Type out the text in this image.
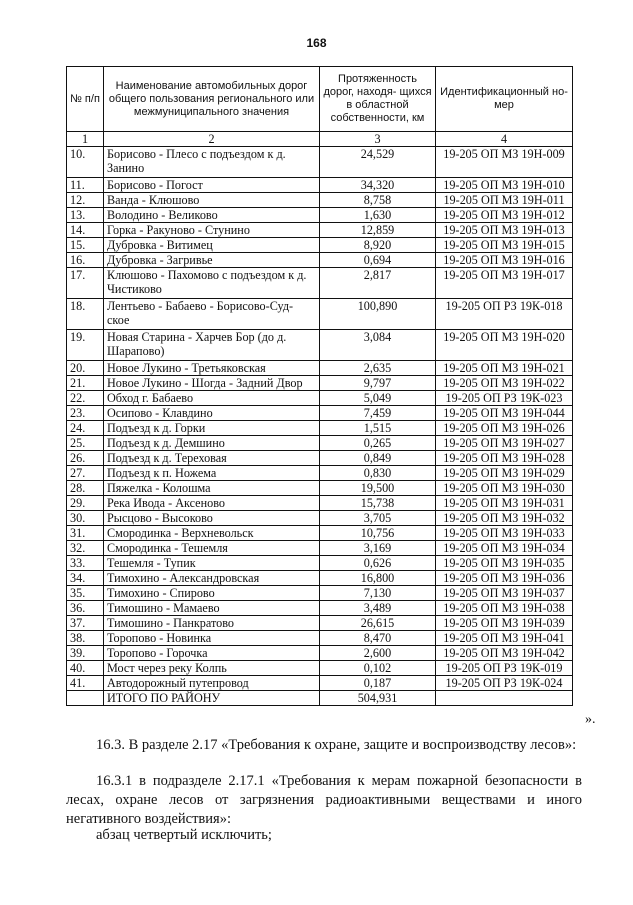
168
№ п/п	Наименование автомобильных дорог общего пользования регионального или межмуниципального значения	Протяженность дорог, находя- щихся в областной собственности, км	Идентификационный но- мер
1	2	3	4
10.	Борисово - Плесо с подъездом к д. Занино	24,529	19-205 ОП МЗ 19Н-009
11.	Борисово - Погост	34,320	19-205 ОП МЗ 19Н-010
12.	Ванда - Клюшово	8,758	19-205 ОП МЗ 19Н-011
13.	Володино - Великово	1,630	19-205 ОП МЗ 19Н-012
14.	Горка - Ракуново - Стунино	12,859	19-205 ОП МЗ 19Н-013
15.	Дубровка - Витимец	8,920	19-205 ОП МЗ 19Н-015
16.	Дубровка - Загривье	0,694	19-205 ОП МЗ 19Н-016
17.	Клюшово - Пахомово с подъездом к д. Чистиково	2,817	19-205 ОП МЗ 19Н-017
18.	Лентьево - Бабаево - Борисово-Суд- ское	100,890	19-205 ОП РЗ 19К-018
19.	Новая Старина - Харчев Бор (до д. Шарапово)	3,084	19-205 ОП МЗ 19Н-020
20.	Новое Лукино - Третьяковская	2,635	19-205 ОП МЗ 19Н-021
21.	Новое Лукино - Шогда - Задний Двор	9,797	19-205 ОП МЗ 19Н-022
22.	Обход г. Бабаево	5,049	19-205 ОП РЗ 19К-023
23.	Осипово - Клавдино	7,459	19-205 ОП МЗ 19Н-044
24.	Подъезд к д. Горки	1,515	19-205 ОП МЗ 19Н-026
25.	Подъезд к д. Демшино	0,265	19-205 ОП МЗ 19Н-027
26.	Подъезд к д. Тереховая	0,849	19-205 ОП МЗ 19Н-028
27.	Подъезд к п. Ножема	0,830	19-205 ОП МЗ 19Н-029
28.	Пяжелка - Колошма	19,500	19-205 ОП МЗ 19Н-030
29.	Река Ивода - Аксеново	15,738	19-205 ОП МЗ 19Н-031
30.	Рысцово - Высоково	3,705	19-205 ОП МЗ 19Н-032
31.	Смородинка - Верхневольск	10,756	19-205 ОП МЗ 19Н-033
32.	Смородинка - Тешемля	3,169	19-205 ОП МЗ 19Н-034
33.	Тешемля - Тупик	0,626	19-205 ОП МЗ 19Н-035
34.	Тимохино - Александровская	16,800	19-205 ОП МЗ 19Н-036
35.	Тимохино - Спирово	7,130	19-205 ОП МЗ 19Н-037
36.	Тимошино - Мамаево	3,489	19-205 ОП МЗ 19Н-038
37.	Тимошино - Панкратово	26,615	19-205 ОП МЗ 19Н-039
38.	Торопово - Новинка	8,470	19-205 ОП МЗ 19Н-041
39.	Торопово - Горочка	2,600	19-205 ОП МЗ 19Н-042
40.	Мост через реку Колпь	0,102	19-205 ОП РЗ 19К-019
41.	Автодорожный путепровод	0,187	19-205 ОП РЗ 19К-024
	ИТОГО ПО РАЙОНУ	504,931	
».
16.3. В разделе 2.17 «Требования к охране, защите и воспроизводству лесов»:
16.3.1 в подразделе 2.17.1 «Требования к мерам пожарной безопасности в лесах, охране лесов от загрязнения радиоактивными веществами и иного негативного воздействия»:
абзац четвертый исключить;
